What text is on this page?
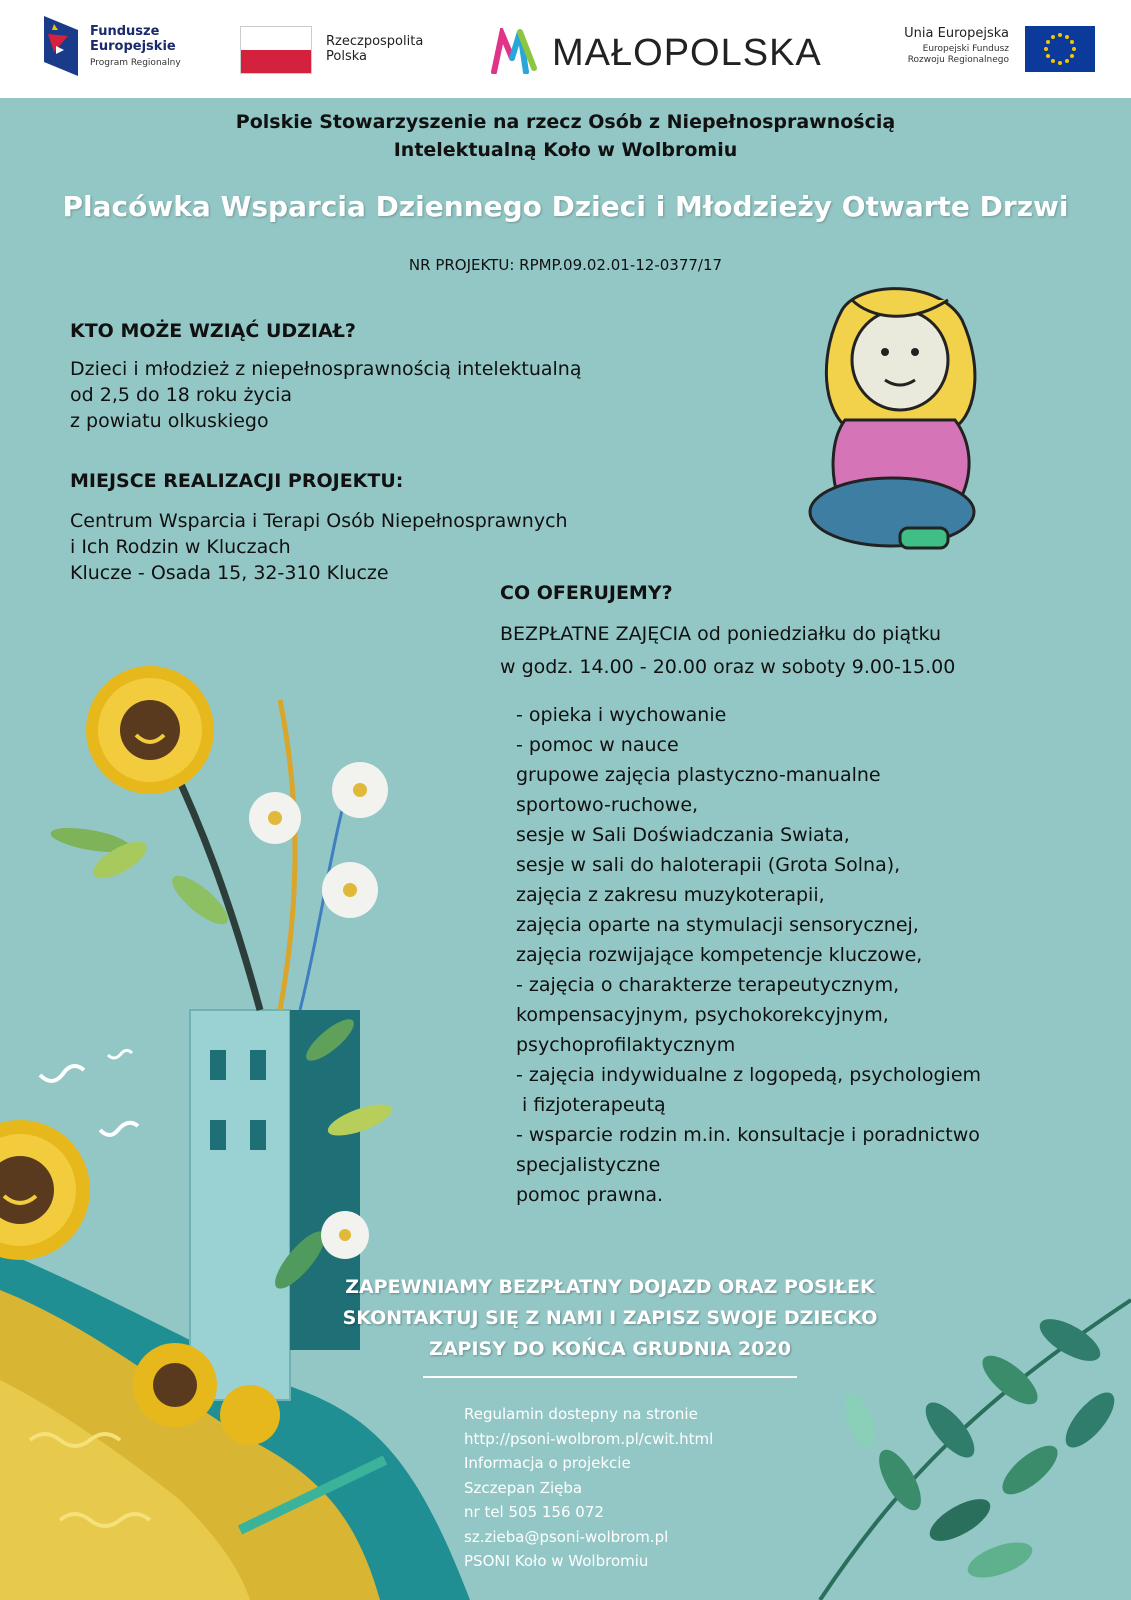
Fundusze
Europejskie
Program Regionalny
Rzeczpospolita
Polska	MAŁOPOLSKA	Unia Europejska
Europejski Fundusz
Rozwoju Regionalnego
Polskie Stowarzyszenie na rzecz Osób z Niepełnosprawnością
Intelektualną Koło w Wolbromiu
Placówka Wsparcia Dziennego Dzieci i Młodzieży Otwarte Drzwi
NR PROJEKTU: RPMP.09.02.01-12-0377/17
KTO MOŻE WZIĄĆ UDZIAŁ?
Dzieci i młodzież z niepełnosprawnością intelektualną
od 2,5 do 18 roku życia
z powiatu olkuskiego
MIEJSCE REALIZACJI PROJEKTU:
Centrum Wsparcia i Terapi Osób Niepełnosprawnych
i Ich Rodzin w Kluczach
Klucze - Osada 15, 32-310 Klucze
CO OFERUJEMY?
BEZPŁATNE ZAJĘCIA od poniedziałku do piątku
w godz. 14.00 - 20.00 oraz w soboty 9.00-15.00
- opieka i wychowanie
- pomoc w nauce
grupowe zajęcia plastyczno-manualne
sportowo-ruchowe,
sesje w Sali Doświadczania Swiata,
sesje w sali do haloterapii (Grota Solna),
zajęcia z zakresu muzykoterapii,
zajęcia oparte na stymulacji sensorycznej,
zajęcia rozwijające kompetencje kluczowe,
- zajęcia o charakterze terapeutycznym,
kompensacyjnym, psychokorekcyjnym,
psychoprofilaktycznym
- zajęcia indywidualne z logopedą, psychologiem
i fizjoterapeutą
- wsparcie rodzin m.in. konsultacje i poradnictwo
specjalistyczne
pomoc prawna.
ZAPEWNIAMY BEZPŁATNY DOJAZD ORAZ POSIŁEK
SKONTAKTUJ SIĘ Z NAMI I ZAPISZ SWOJE DZIECKO
ZAPISY DO KOŃCA GRUDNIA 2020
Regulamin dostepny na stronie
http://psoni-wolbrom.pl/cwit.html
Informacja o projekcie
Szczepan Zięba
nr tel 505 156 072
sz.zieba@psoni-wolbrom.pl
PSONI Koło w Wolbromiu
